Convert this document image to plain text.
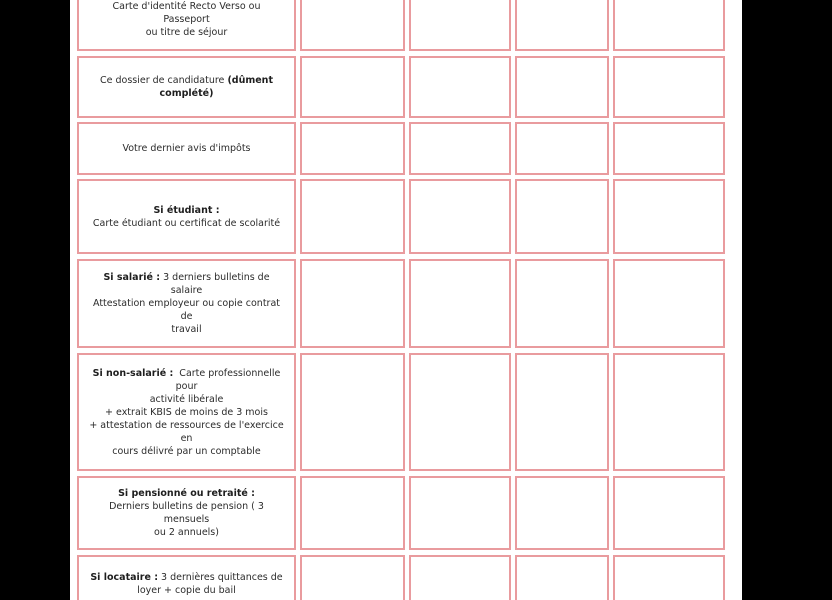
Carte d'identité Recto Verso ou Passeport
ou titre de séjour
Ce dossier de candidature (dûment
complété)
Votre dernier avis d'impôts
Si étudiant :
Carte étudiant ou certificat de scolarité
Si salarié : 3 derniers bulletins de salaire
Attestation employeur ou copie contrat de
travail
Si non-salarié :  Carte professionnelle pour
activité libérale
+ extrait KBIS de moins de 3 mois
+ attestation de ressources de l'exercice en
cours délivré par un comptable
Si pensionné ou retraité :
Derniers bulletins de pension ( 3 mensuels
ou 2 annuels)
Si locataire : 3 dernières quittances de
loyer + copie du bail
